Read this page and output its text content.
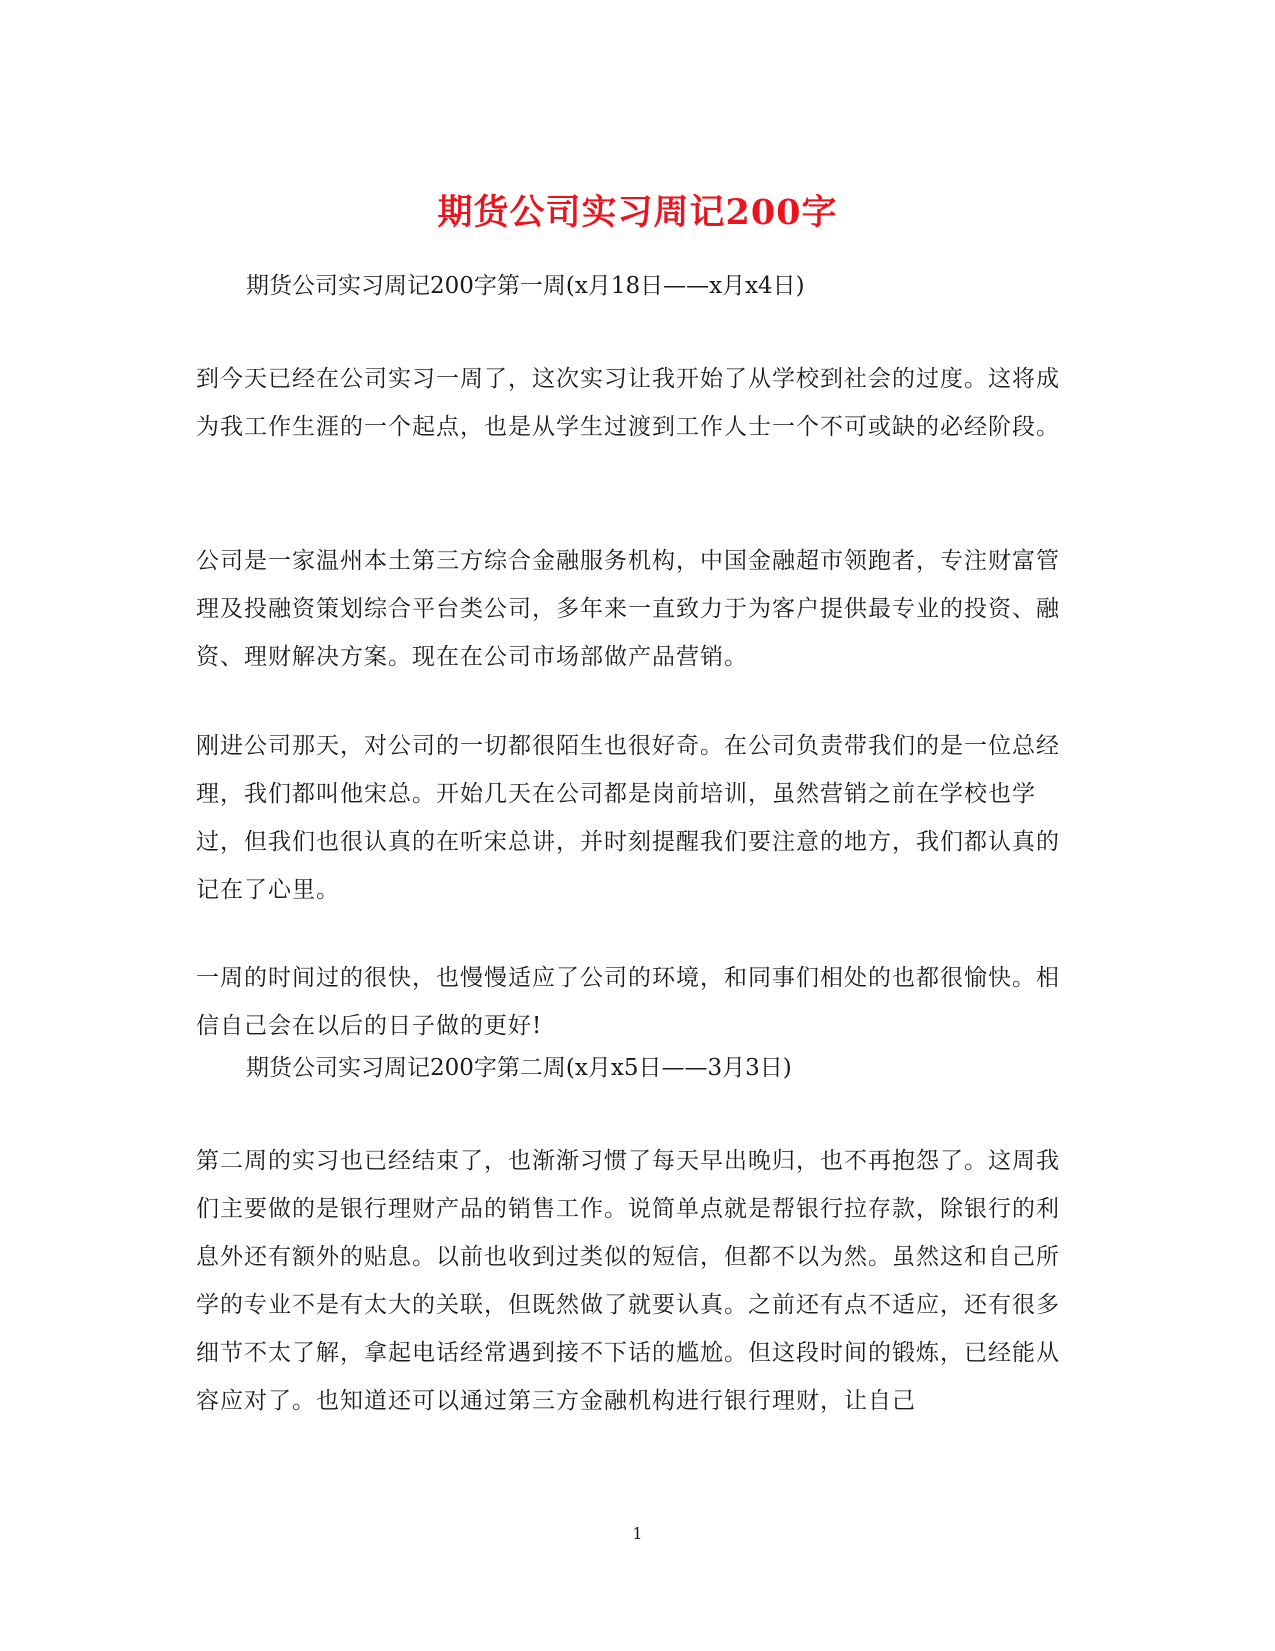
期货公司实习周记200字

期货公司实习周记200字第一周(x月18日——x月x4日)

到今天已经在公司实习一周了，这次实习让我开始了从学校到社会的过度。这将成为我工作生涯的一个起点，也是从学生过渡到工作人士一个不可或缺的必经阶段。

公司是一家温州本土第三方综合金融服务机构，中国金融超市领跑者，专注财富管理及投融资策划综合平台类公司，多年来一直致力于为客户提供最专业的投资、融资、理财解决方案。现在在公司市场部做产品营销。

刚进公司那天，对公司的一切都很陌生也很好奇。在公司负责带我们的是一位总经理，我们都叫他宋总。开始几天在公司都是岗前培训，虽然营销之前在学校也学过，但我们也很认真的在听宋总讲，并时刻提醒我们要注意的地方，我们都认真的记在了心里。

一周的时间过的很快，也慢慢适应了公司的环境，和同事们相处的也都很愉快。相信自己会在以后的日子做的更好!

期货公司实习周记200字第二周(x月x5日——3月3日)

第二周的实习也已经结束了，也渐渐习惯了每天早出晚归，也不再抱怨了。这周我们主要做的是银行理财产品的销售工作。说简单点就是帮银行拉存款，除银行的利息外还有额外的贴息。以前也收到过类似的短信，但都不以为然。虽然这和自己所学的专业不是有太大的关联，但既然做了就要认真。之前还有点不适应，还有很多细节不太了解，拿起电话经常遇到接不下话的尴尬。但这段时间的锻炼，已经能从容应对了。也知道还可以通过第三方金融机构进行银行理财，让自己

1
